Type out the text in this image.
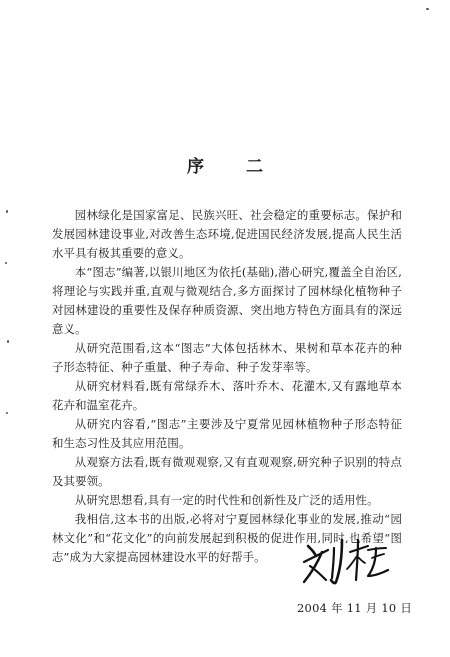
序 二

园林绿化是国家富足、民族兴旺、社会稳定的重要标志。保护和发展园林建设事业,对改善生态环境,促进国民经济发展,提高人民生活水平具有极其重要的意义。

本“图志”编著,以银川地区为依托(基础),潜心研究,覆盖全自治区,将理论与实践并重,直观与微观结合,多方面探讨了园林绿化植物种子对园林建设的重要性及保存种质资源、突出地方特色方面具有的深远意义。

从研究范围看,这本“图志”大体包括林木、果树和草本花卉的种子形态特征、种子重量、种子寿命、种子发芽率等。

从研究材料看,既有常绿乔木、落叶乔木、花灌木,又有露地草本花卉和温室花卉。

从研究内容看,“图志”主要涉及宁夏常见园林植物种子形态特征和生态习性及其应用范围。

从观察方法看,既有微观观察,又有直观观察,研究种子识别的特点及其要领。

从研究思想看,具有一定的时代性和创新性及广泛的适用性。

我相信,这本书的出版,必将对宁夏园林绿化事业的发展,推动“园林文化”和“花文化”的向前发展起到积极的促进作用,同时,也希望“图志”成为大家提高园林建设水平的好帮手。

2004 年 11 月 10 日
